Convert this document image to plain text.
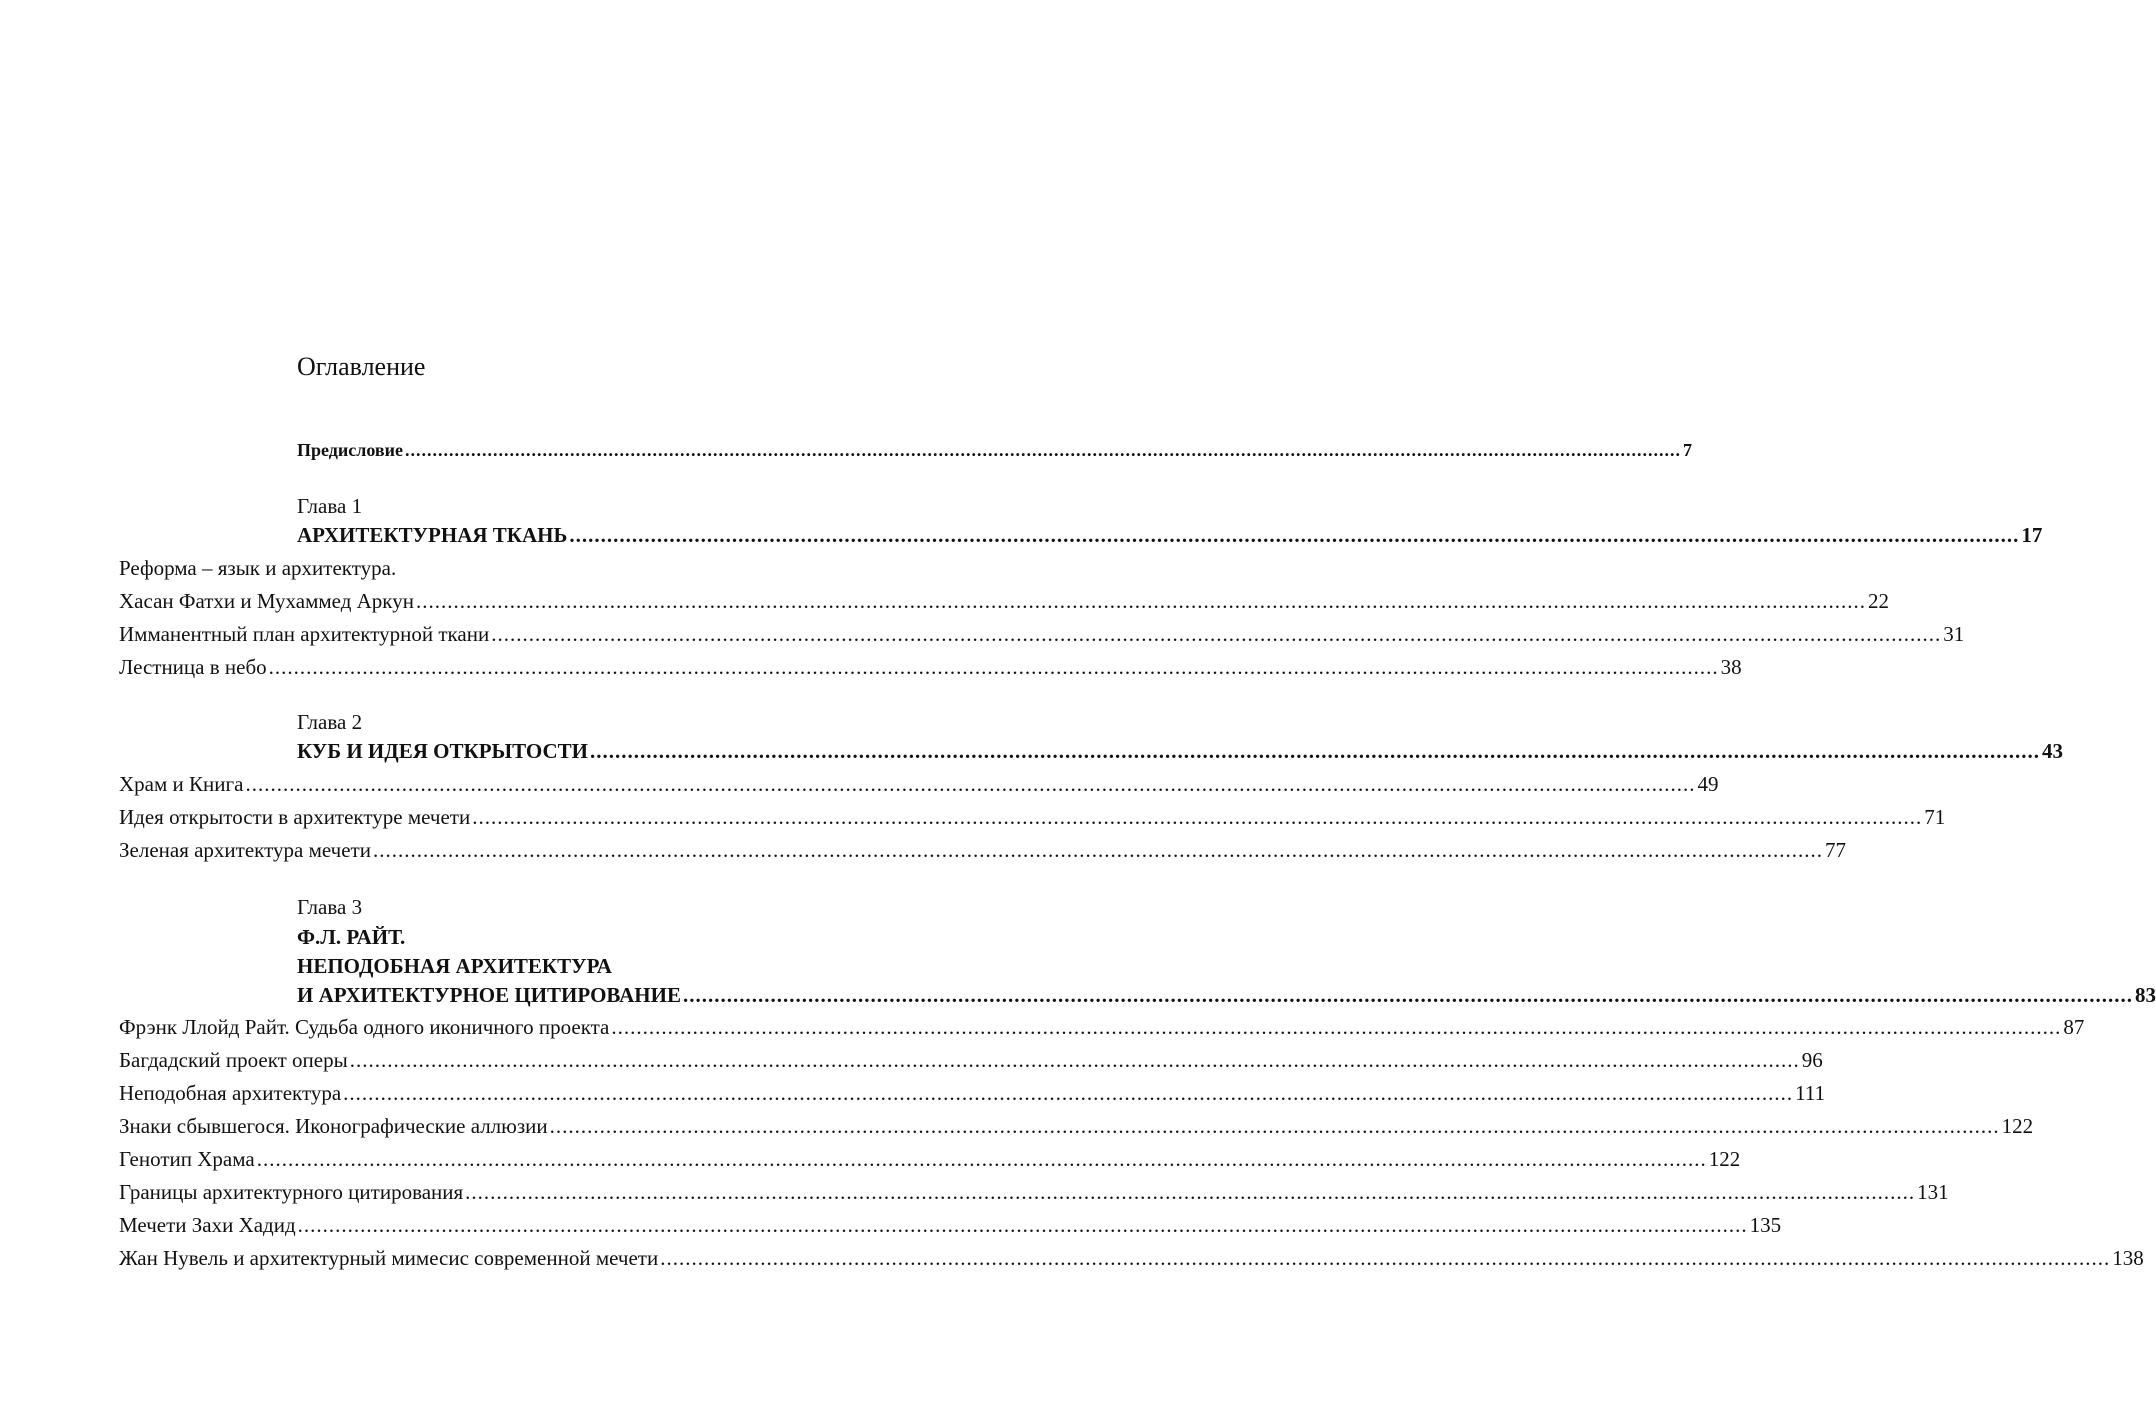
Оглавление
Предисловие ........................................................................................................................................................................................................................................ 7
Глава 1
АРХИТЕКТУРНАЯ ТКАНЬ ........................................................................................................................................................................................................................................ 17
Реформа – язык и архитектура.
Хасан Фатхи и Мухаммед Аркун ........................................................................................................................................................................................................................................ 22
Имманентный план архитектурной ткани ........................................................................................................................................................................................................................................ 31
Лестница в небо ........................................................................................................................................................................................................................................ 38
Глава 2
КУБ И ИДЕЯ ОТКРЫТОСТИ ........................................................................................................................................................................................................................................ 43
Храм и Книга ........................................................................................................................................................................................................................................ 49
Идея открытости в архитектуре мечети ........................................................................................................................................................................................................................................ 71
Зеленая архитектура мечети ........................................................................................................................................................................................................................................ 77
Глава 3
Ф.Л. РАЙТ.
НЕПОДОБНАЯ АРХИТЕКТУРА
И АРХИТЕКТУРНОЕ ЦИТИРОВАНИЕ ........................................................................................................................................................................................................................................ 83
Фрэнк Ллойд Райт. Судьба одного иконичного проекта ........................................................................................................................................................................................................................................ 87
Багдадский проект оперы ........................................................................................................................................................................................................................................ 96
Неподобная архитектура ........................................................................................................................................................................................................................................ 111
Знаки сбывшегося. Иконографические аллюзии ........................................................................................................................................................................................................................................ 122
Генотип Храма ........................................................................................................................................................................................................................................ 122
Границы архитектурного цитирования ........................................................................................................................................................................................................................................ 131
Мечети Захи Хадид ........................................................................................................................................................................................................................................ 135
Жан Нувель и архитектурный мимесис современной мечети ........................................................................................................................................................................................................................................ 138
